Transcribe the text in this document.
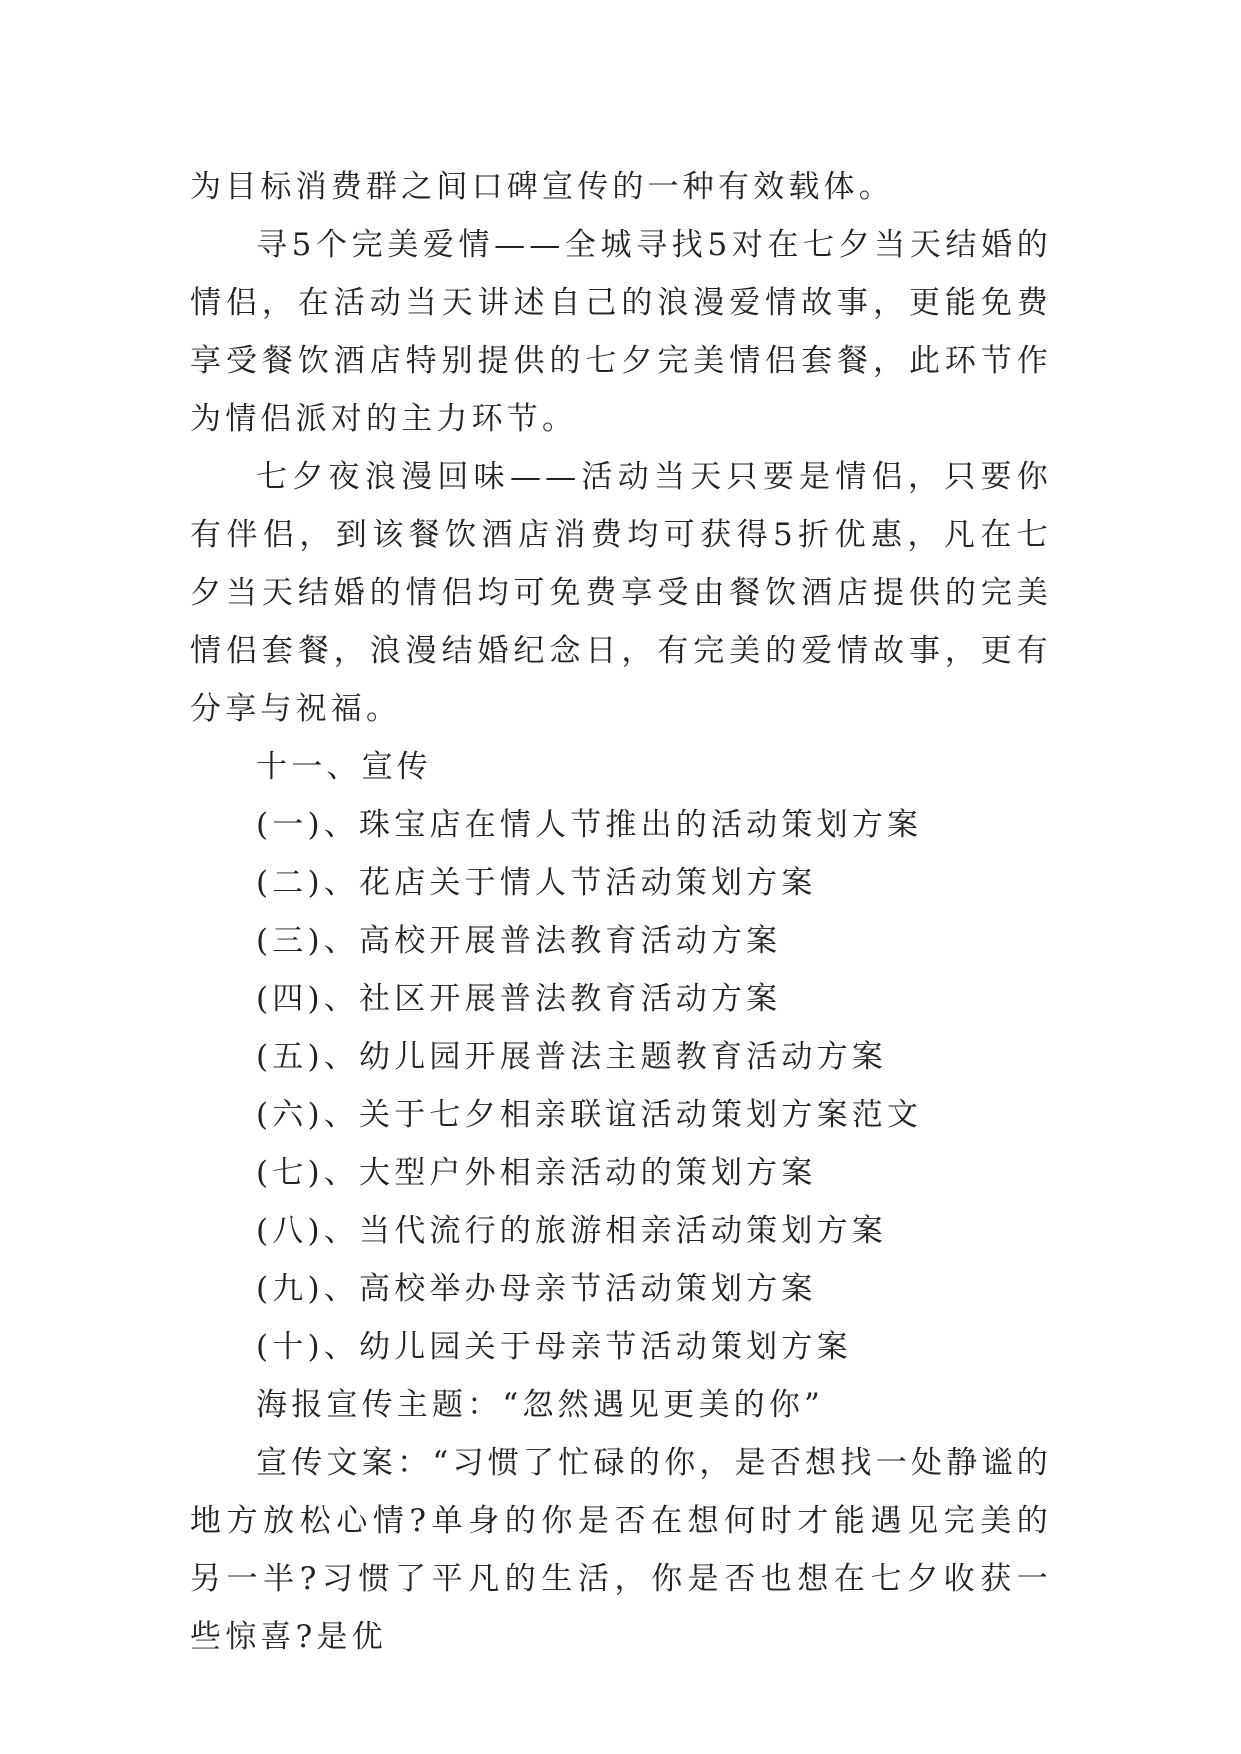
为目标消费群之间口碑宣传的一种有效载体。

寻5个完美爱情——全城寻找5对在七夕当天结婚的情侣，在活动当天讲述自己的浪漫爱情故事，更能免费享受餐饮酒店特别提供的七夕完美情侣套餐，此环节作为情侣派对的主力环节。

七夕夜浪漫回味——活动当天只要是情侣，只要你有伴侣，到该餐饮酒店消费均可获得5折优惠，凡在七夕当天结婚的情侣均可免费享受由餐饮酒店提供的完美情侣套餐，浪漫结婚纪念日，有完美的爱情故事，更有分享与祝福。

十一、宣传

(一)、珠宝店在情人节推出的活动策划方案

(二)、花店关于情人节活动策划方案

(三)、高校开展普法教育活动方案

(四)、社区开展普法教育活动方案

(五)、幼儿园开展普法主题教育活动方案

(六)、关于七夕相亲联谊活动策划方案范文

(七)、大型户外相亲活动的策划方案

(八)、当代流行的旅游相亲活动策划方案

(九)、高校举办母亲节活动策划方案

(十)、幼儿园关于母亲节活动策划方案

海报宣传主题：“忽然遇见更美的你”

宣传文案：“习惯了忙碌的你，是否想找一处静谧的地方放松心情?单身的你是否在想何时才能遇见完美的另一半?习惯了平凡的生活，你是否也想在七夕收获一些惊喜?是优
